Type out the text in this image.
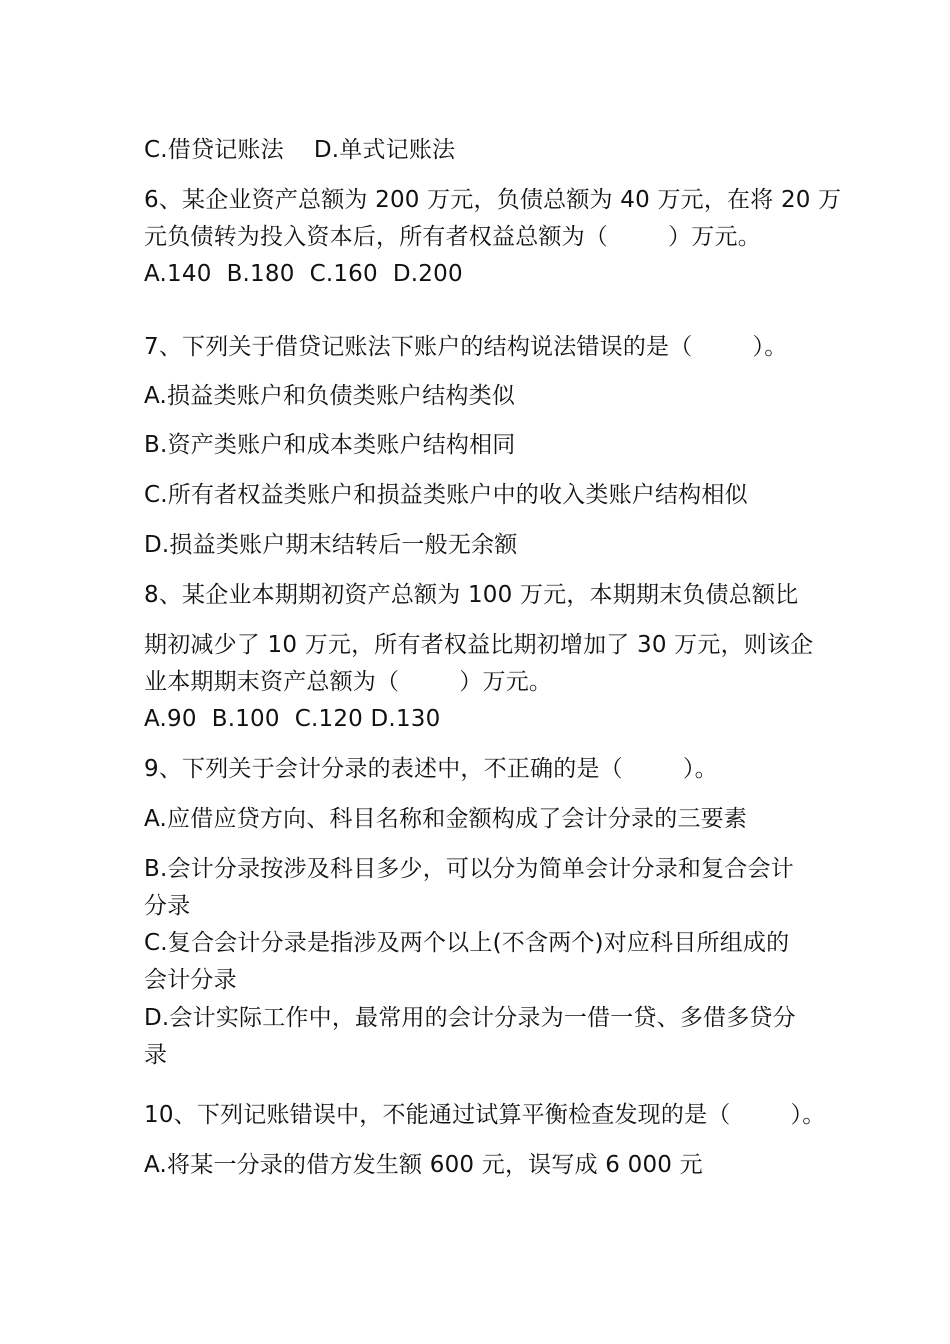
C.借贷记账法    D.单式记账法
6、某企业资产总额为 200 万元，负债总额为 40 万元，在将 20 万
元负债转为投入资本后，所有者权益总额为（        ）万元。
A.140  B.180  C.160  D.200
7、下列关于借贷记账法下账户的结构说法错误的是（        ）。
A.损益类账户和负债类账户结构类似
B.资产类账户和成本类账户结构相同
C.所有者权益类账户和损益类账户中的收入类账户结构相似
D.损益类账户期末结转后一般无余额
8、某企业本期期初资产总额为 100 万元，本期期末负债总额比
期初减少了 10 万元，所有者权益比期初增加了 30 万元，则该企
业本期期末资产总额为（        ）万元。
A.90  B.100  C.120 D.130
9、下列关于会计分录的表述中，不正确的是（        ）。
A.应借应贷方向、科目名称和金额构成了会计分录的三要素
B.会计分录按涉及科目多少，可以分为简单会计分录和复合会计
分录
C.复合会计分录是指涉及两个以上(不含两个)对应科目所组成的
会计分录
D.会计实际工作中，最常用的会计分录为一借一贷、多借多贷分
录
10、下列记账错误中，不能通过试算平衡检查发现的是（        ）。
A.将某一分录的借方发生额 600 元，误写成 6 000 元
